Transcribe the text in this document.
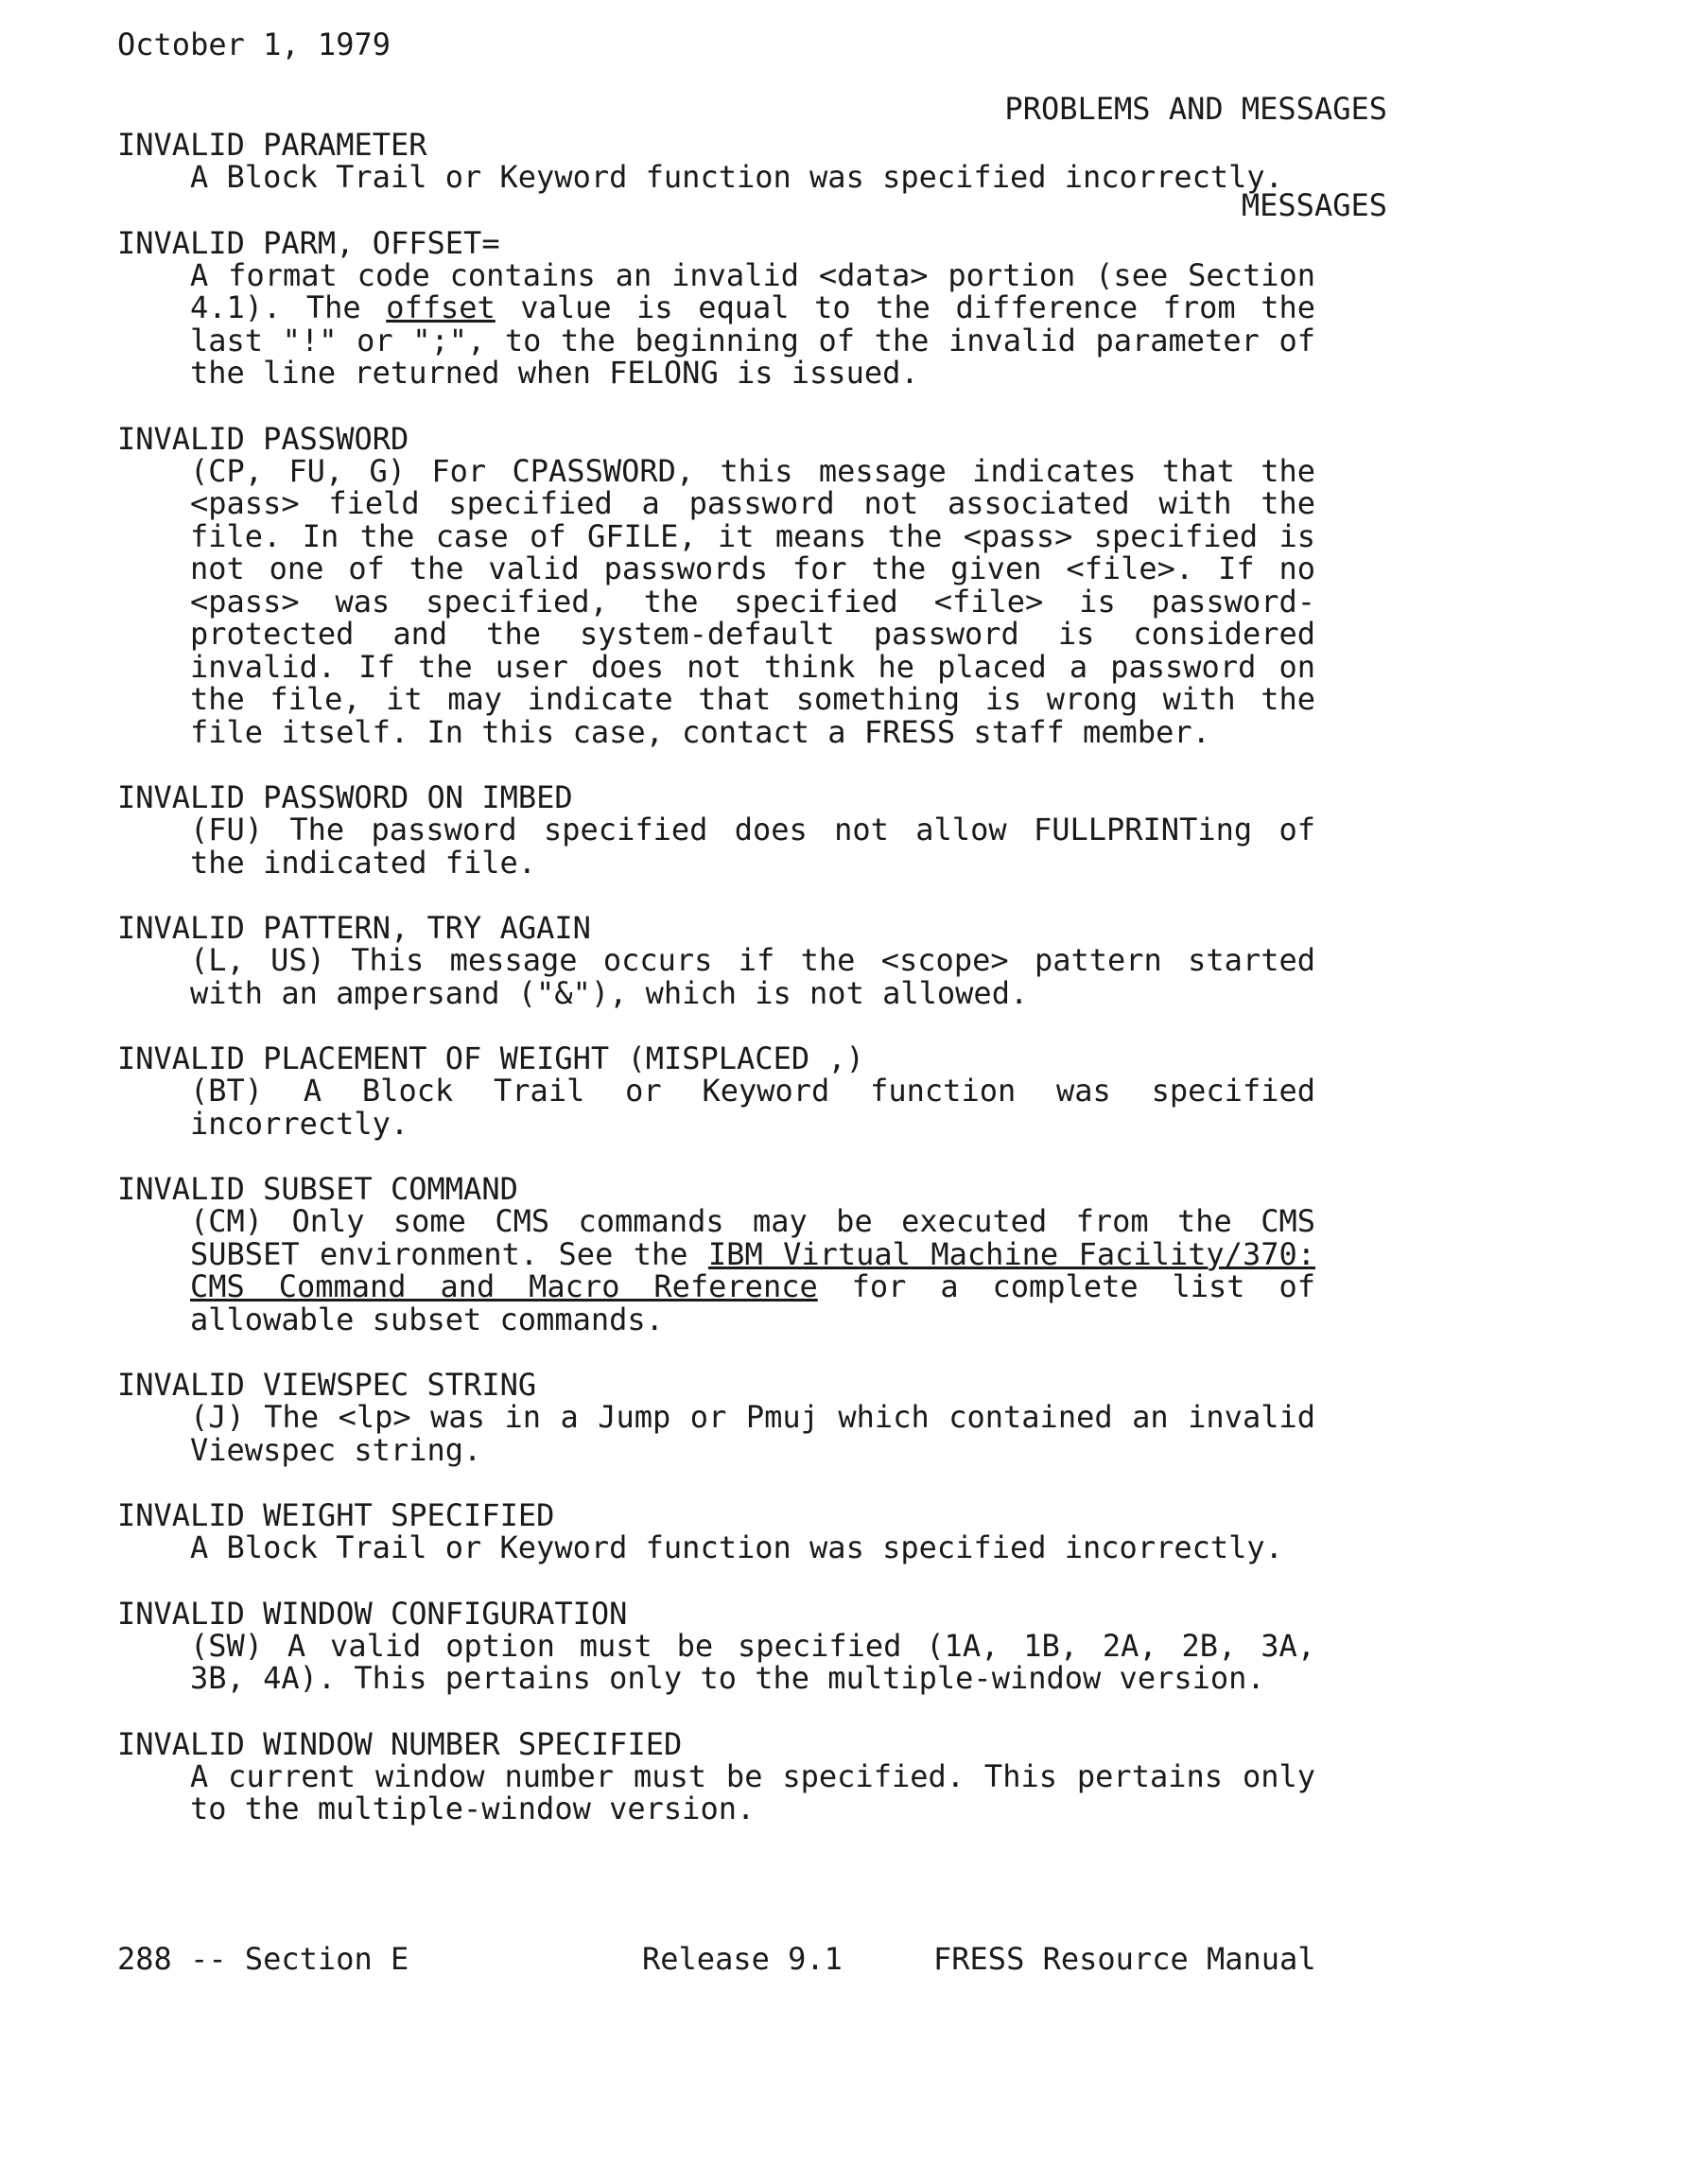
October 1, 1979

PROBLEMS AND MESSAGES

MESSAGES

INVALID PARAMETER
A Block Trail or Keyword function was specified incorrectly.
INVALID PARM, OFFSET=
A format code contains an invalid <data> portion (see Section 4.1). The offset value is equal to the difference from the last "!" or ";", to the beginning of the invalid parameter of the line returned when FELONG is issued.
INVALID PASSWORD
(CP, FU, G) For CPASSWORD, this message indicates that the <pass> field specified a password not associated with the file. In the case of GFILE, it means the <pass> specified is not one of the valid passwords for the given <file>. If no <pass> was specified, the specified <file> is password-protected and the system-default password is considered invalid. If the user does not think he placed a password on the file, it may indicate that something is wrong with the file itself. In this case, contact a FRESS staff member.
INVALID PASSWORD ON IMBED
(FU) The password specified does not allow FULLPRINTing of the indicated file.
INVALID PATTERN, TRY AGAIN
(L, US) This message occurs if the <scope> pattern started with an ampersand ("&"), which is not allowed.
INVALID PLACEMENT OF WEIGHT (MISPLACED ,)
(BT) A Block Trail or Keyword function was specified incorrectly.
INVALID SUBSET COMMAND
(CM) Only some CMS commands may be executed from the CMS SUBSET environment. See the IBM Virtual Machine Facility/370: CMS Command and Macro Reference for a complete list of allowable subset commands.
INVALID VIEWSPEC STRING
(J) The <lp> was in a Jump or Pmuj which contained an invalid Viewspec string.
INVALID WEIGHT SPECIFIED
A Block Trail or Keyword function was specified incorrectly.
INVALID WINDOW CONFIGURATION
(SW) A valid option must be specified (1A, 1B, 2A, 2B, 3A, 3B, 4A). This pertains only to the multiple-window version.
INVALID WINDOW NUMBER SPECIFIED
A current window number must be specified. This pertains only to the multiple-window version.

288 -- Section E

	Release 9.1

	FRESS Resource Manual
